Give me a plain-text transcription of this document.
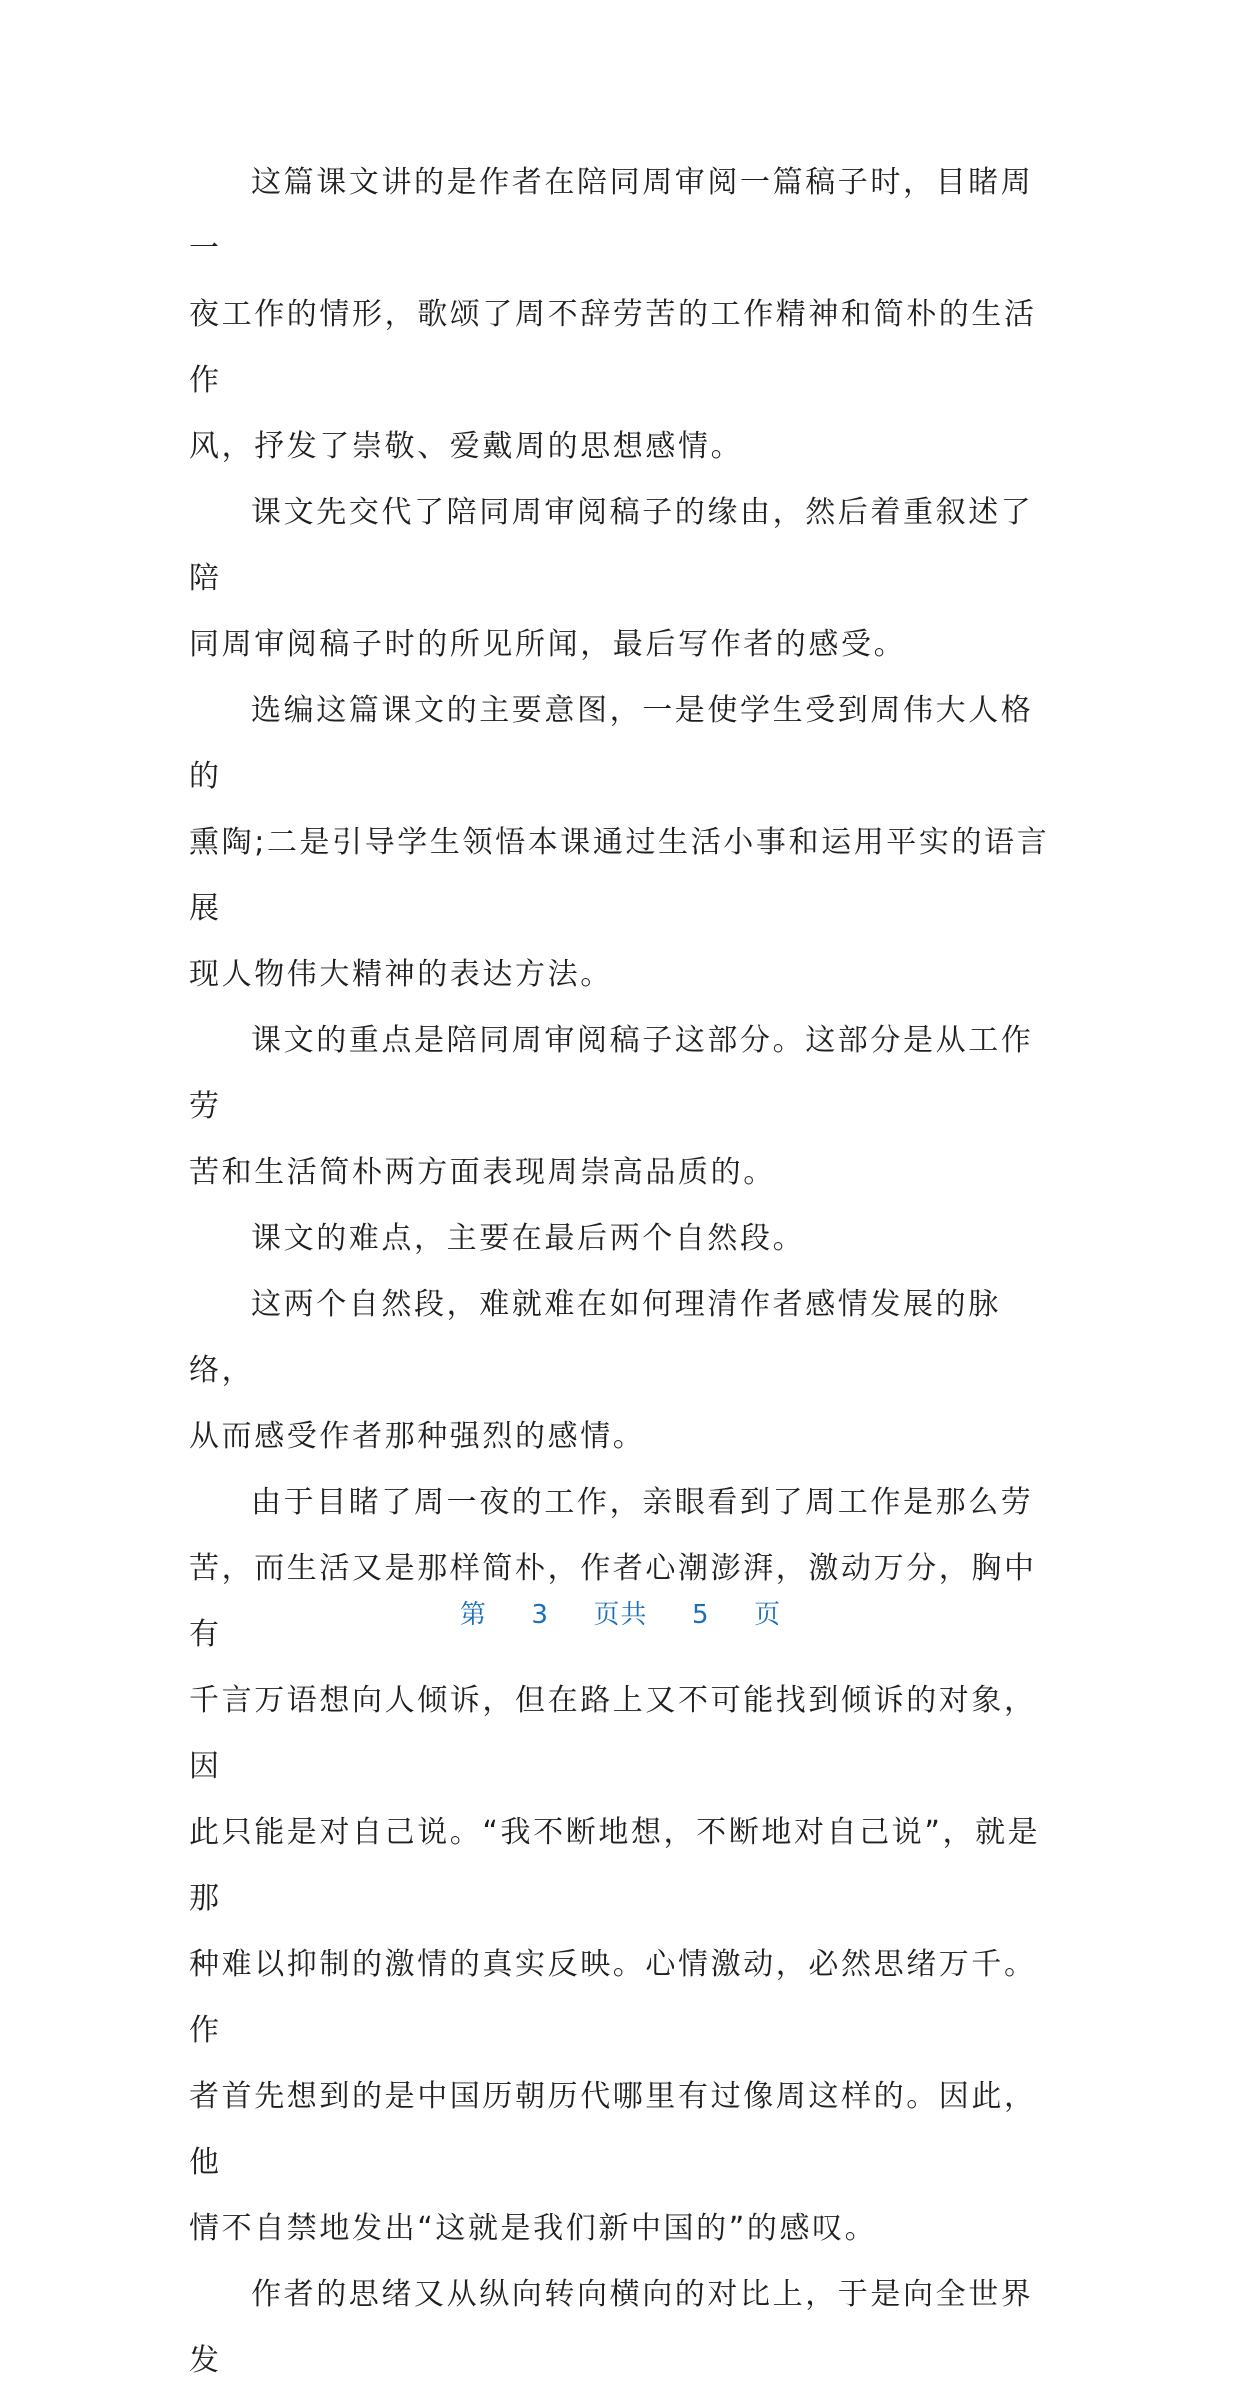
这篇课文讲的是作者在陪同周审阅一篇稿子时，目睹周一
夜工作的情形，歌颂了周不辞劳苦的工作精神和简朴的生活作
风，抒发了崇敬、爱戴周的思想感情。

课文先交代了陪同周审阅稿子的缘由，然后着重叙述了陪
同周审阅稿子时的所见所闻，最后写作者的感受。

选编这篇课文的主要意图，一是使学生受到周伟大人格的
熏陶;二是引导学生领悟本课通过生活小事和运用平实的语言展
现人物伟大精神的表达方法。

课文的重点是陪同周审阅稿子这部分。这部分是从工作劳
苦和生活简朴两方面表现周崇高品质的。

课文的难点，主要在最后两个自然段。

这两个自然段，难就难在如何理清作者感情发展的脉络，
从而感受作者那种强烈的感情。

由于目睹了周一夜的工作，亲眼看到了周工作是那么劳
苦，而生活又是那样简朴，作者心潮澎湃，激动万分，胸中有
千言万语想向人倾诉，但在路上又不可能找到倾诉的对象，因
此只能是对自己说。“我不断地想，不断地对自己说”，就是那
种难以抑制的激情的真实反映。心情激动，必然思绪万千。作
者首先想到的是中国历朝历代哪里有过像周这样的。因此，他
情不自禁地发出“这就是我们新中国的”的感叹。

作者的思绪又从纵向转向横向的对比上，于是向全世界发

第 3 页共 5 页
